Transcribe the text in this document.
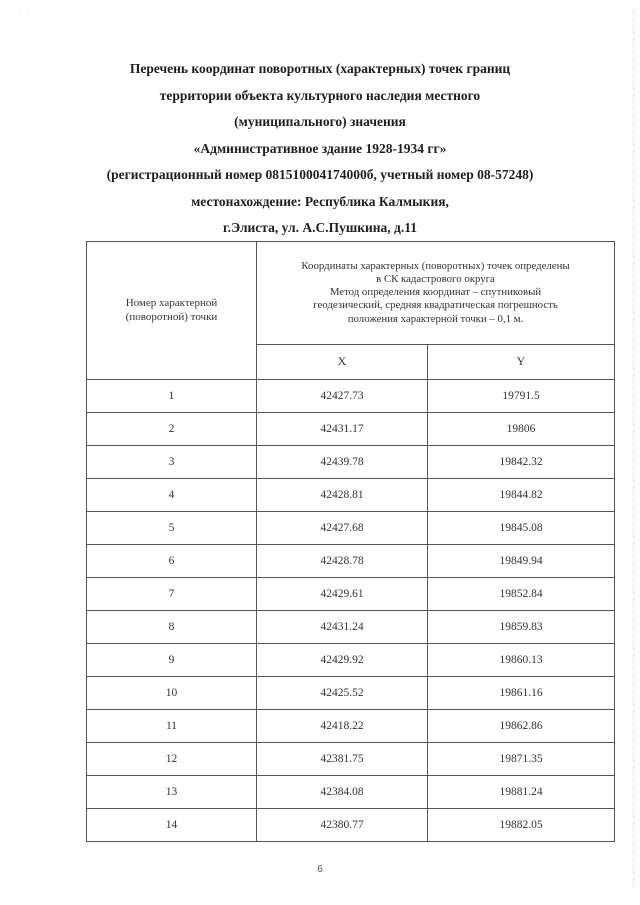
· · ·
Перечень координат поворотных (характерных) точек границ
территории объекта культурного наследия местного
(муниципального) значения
«Административное здание 1928-1934 гг»
(регистрационный номер 081510004174000б, учетный номер 08-57248)
местонахождение: Республика Калмыкия,
г.Элиста, ул. А.С.Пушкина, д.11
Номер характерной
(поворотной) точки	Координаты характерных (поворотных) точек определены
в СК кадастрового округа
Метод определения координат – спутниковый
геодезический, средняя квадратическая погрешность
положения характерной точки – 0,1 м.	
	X	Y
1	42427.73	19791.5
2	42431.17	19806
3	42439.78	19842.32
4	42428.81	19844.82
5	42427.68	19845.08
6	42428.78	19849.94
7	42429.61	19852.84
8	42431.24	19859.83
9	42429.92	19860.13
10	42425.52	19861.16
11	42418.22	19862.86
12	42381.75	19871.35
13	42384.08	19881.24
14	42380.77	19882.05
6
